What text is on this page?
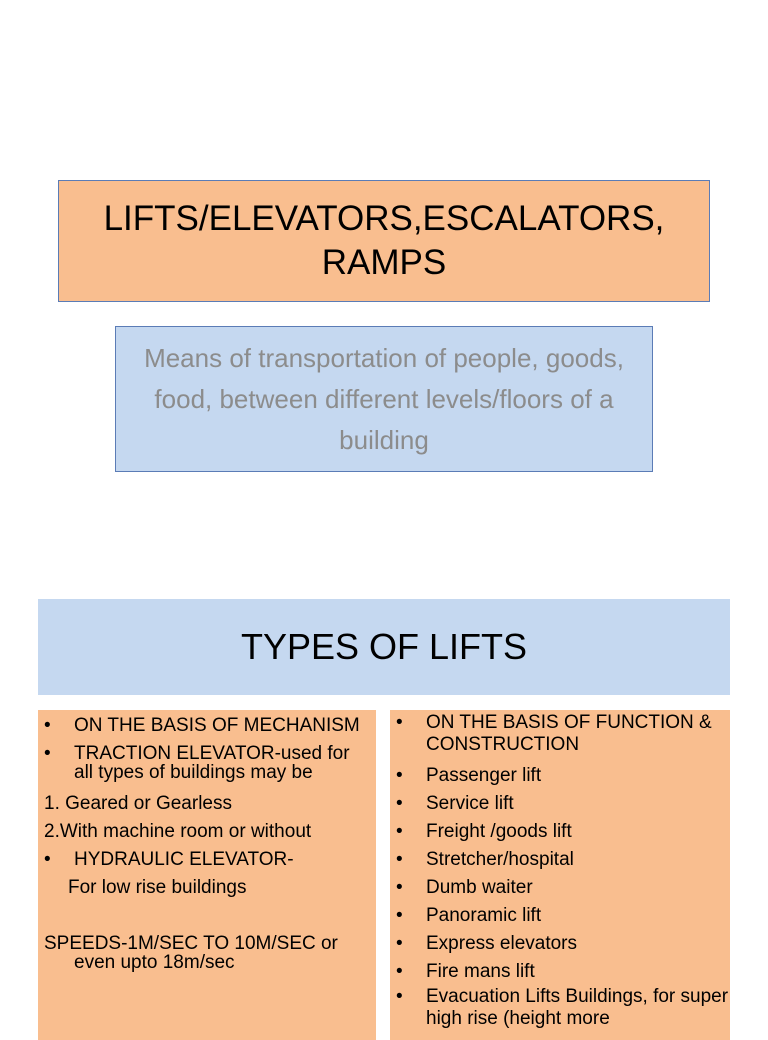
LIFTS/ELEVATORS,ESCALATORS, RAMPS
Means of transportation of people, goods, food, between different levels/floors of a building
TYPES OF LIFTS
• ON THE BASIS OF MECHANISM
• TRACTION ELEVATOR-used for
all types of buildings may be
1. Geared or Gearless
2.With machine room or without
• HYDRAULIC ELEVATOR-
For low rise buildings
SPEEDS-1M/SEC TO 10M/SEC or
even upto 18m/sec
• ON THE BASIS OF FUNCTION & CONSTRUCTION
• Passenger lift
• Service lift
• Freight /goods lift
• Stretcher/hospital
• Dumb waiter
• Panoramic lift
• Express elevators
• Fire mans lift
• Evacuation Lifts Buildings, for super high rise (height more
